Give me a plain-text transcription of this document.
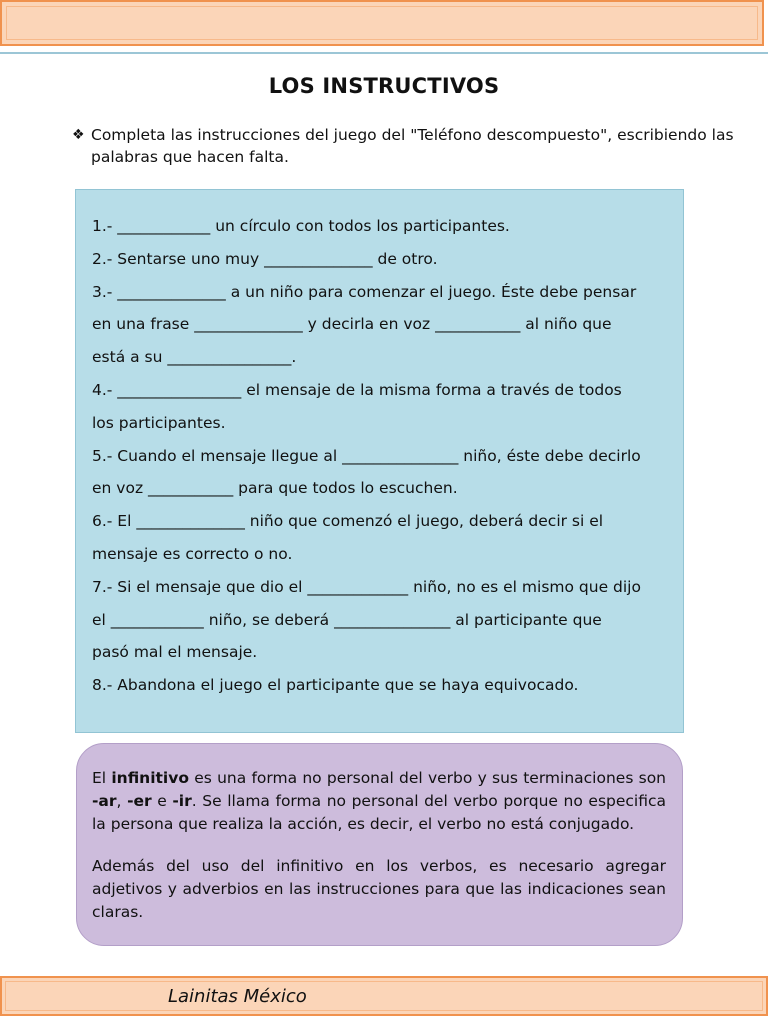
LOS INSTRUCTIVOS
❖ Completa las instrucciones del juego del "Teléfono descompuesto", escribiendo las palabras que hacen falta.

1.- ____________ un círculo con todos los participantes.

2.- Sentarse uno muy ______________ de otro.

3.- ______________ a un niño para comenzar el juego. Éste debe pensar

en una frase ______________ y decirla en voz ___________ al niño que

está a su ________________.

4.- ________________ el mensaje de la misma forma a través de todos

los participantes.

5.- Cuando el mensaje llegue al _______________ niño, éste debe decirlo

en voz ___________ para que todos lo escuchen.

6.- El ______________ niño que comenzó el juego, deberá decir si el

mensaje es correcto o no.

7.- Si el mensaje que dio el _____________ niño, no es el mismo que dijo

el ____________ niño, se deberá _______________ al participante que

pasó mal el mensaje.

8.- Abandona el juego el participante que se haya equivocado.

El infinitivo es una forma no personal del verbo y sus terminaciones son -ar, -er e -ir. Se llama forma no personal del verbo porque no especifica la persona que realiza la acción, es decir, el verbo no está conjugado.
Además del uso del infinitivo en los verbos, es necesario agregar adjetivos y adverbios en las instrucciones para que las indicaciones sean claras.
Lainitas México
